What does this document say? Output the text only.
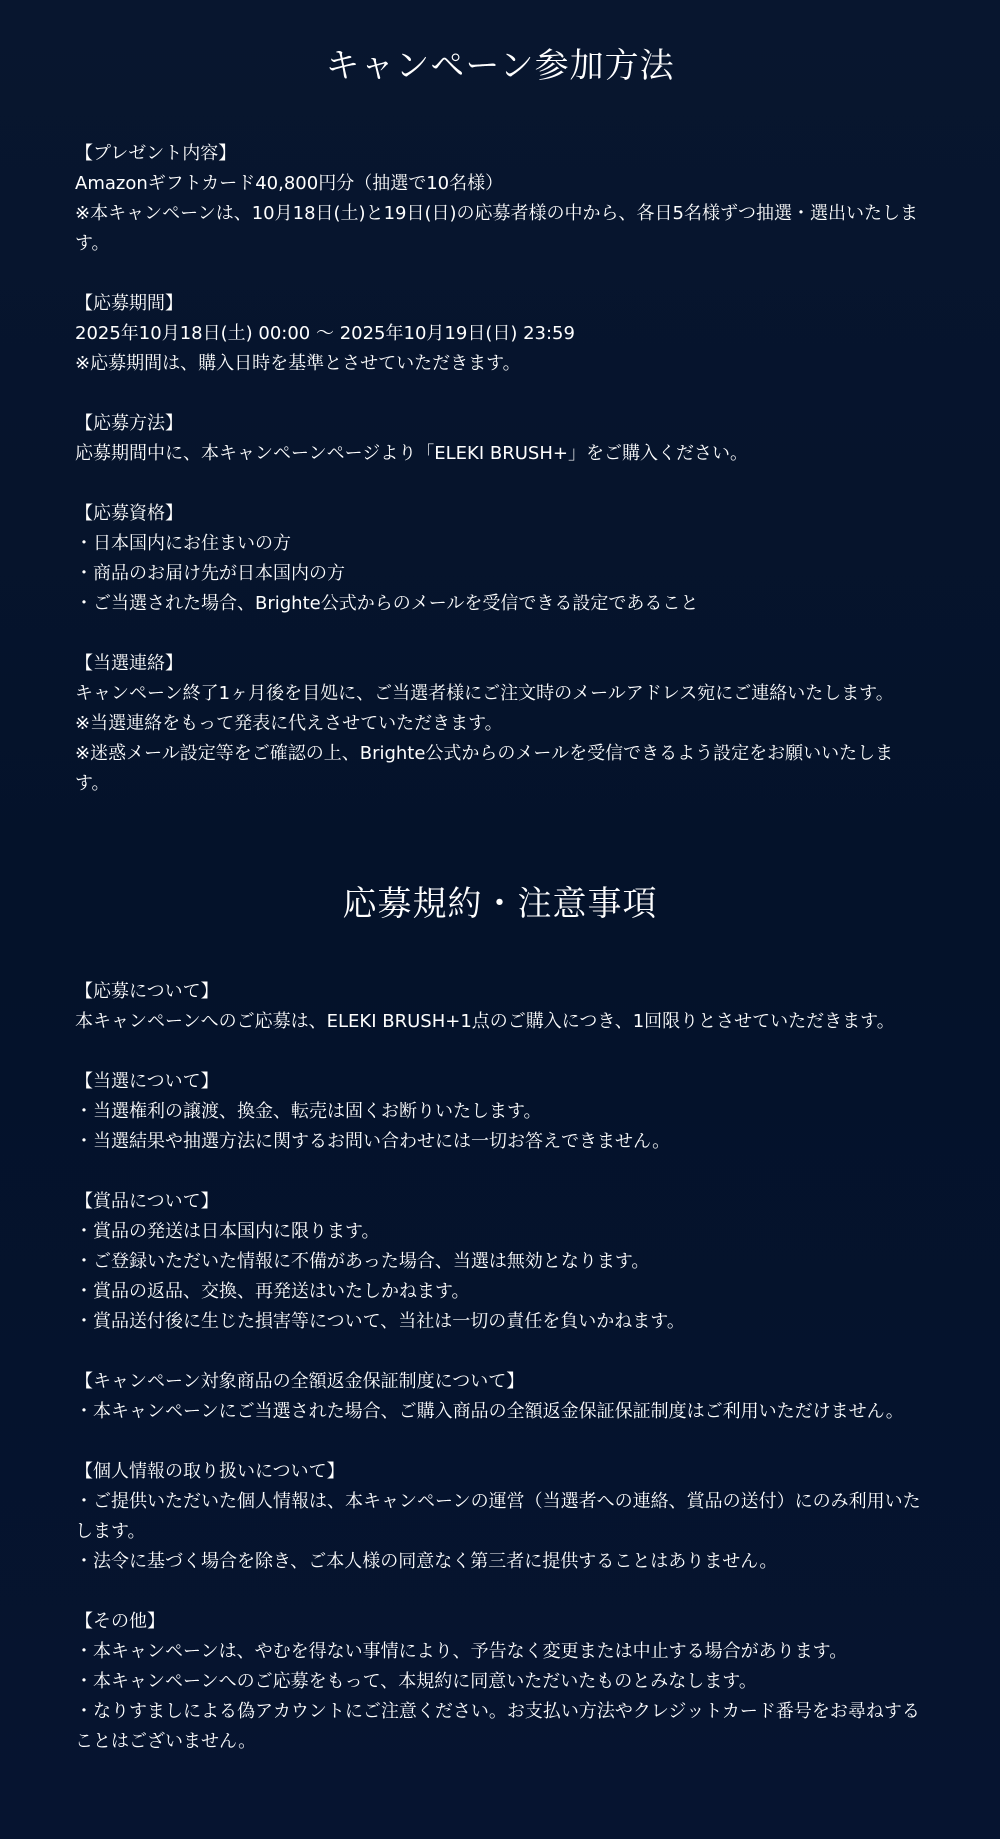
キャンペーン参加方法
【プレゼント内容】
Amazonギフトカード40,800円分（抽選で10名様）
※本キャンペーンは、10月18日(土)と19日(日)の応募者様の中から、各日5名様ずつ抽選・選出いたします。
【応募期間】
2025年10月18日(土) 00:00 〜 2025年10月19日(日) 23:59
※応募期間は、購入日時を基準とさせていただきます。
【応募方法】
応募期間中に、本キャンペーンページより「ELEKI BRUSH+」をご購入ください。
【応募資格】
・日本国内にお住まいの方
・商品のお届け先が日本国内の方
・ご当選された場合、Brighte公式からのメールを受信できる設定であること
【当選連絡】
キャンペーン終了1ヶ月後を目処に、ご当選者様にご注文時のメールアドレス宛にご連絡いたします。
※当選連絡をもって発表に代えさせていただきます。
※迷惑メール設定等をご確認の上、Brighte公式からのメールを受信できるよう設定をお願いいたします。
応募規約・注意事項
【応募について】
本キャンペーンへのご応募は、ELEKI BRUSH+1点のご購入につき、1回限りとさせていただきます。
【当選について】
・当選権利の譲渡、換金、転売は固くお断りいたします。
・当選結果や抽選方法に関するお問い合わせには一切お答えできません。
【賞品について】
・賞品の発送は日本国内に限ります。
・ご登録いただいた情報に不備があった場合、当選は無効となります。
・賞品の返品、交換、再発送はいたしかねます。
・賞品送付後に生じた損害等について、当社は一切の責任を負いかねます。
【キャンペーン対象商品の全額返金保証制度について】
・本キャンペーンにご当選された場合、ご購入商品の全額返金保証保証制度はご利用いただけません。
【個人情報の取り扱いについて】
・ご提供いただいた個人情報は、本キャンペーンの運営（当選者への連絡、賞品の送付）にのみ利用いたします。
・法令に基づく場合を除き、ご本人様の同意なく第三者に提供することはありません。
【その他】
・本キャンペーンは、やむを得ない事情により、予告なく変更または中止する場合があります。
・本キャンペーンへのご応募をもって、本規約に同意いただいたものとみなします。
・なりすましによる偽アカウントにご注意ください。お支払い方法やクレジットカード番号をお尋ねすることはございません。
